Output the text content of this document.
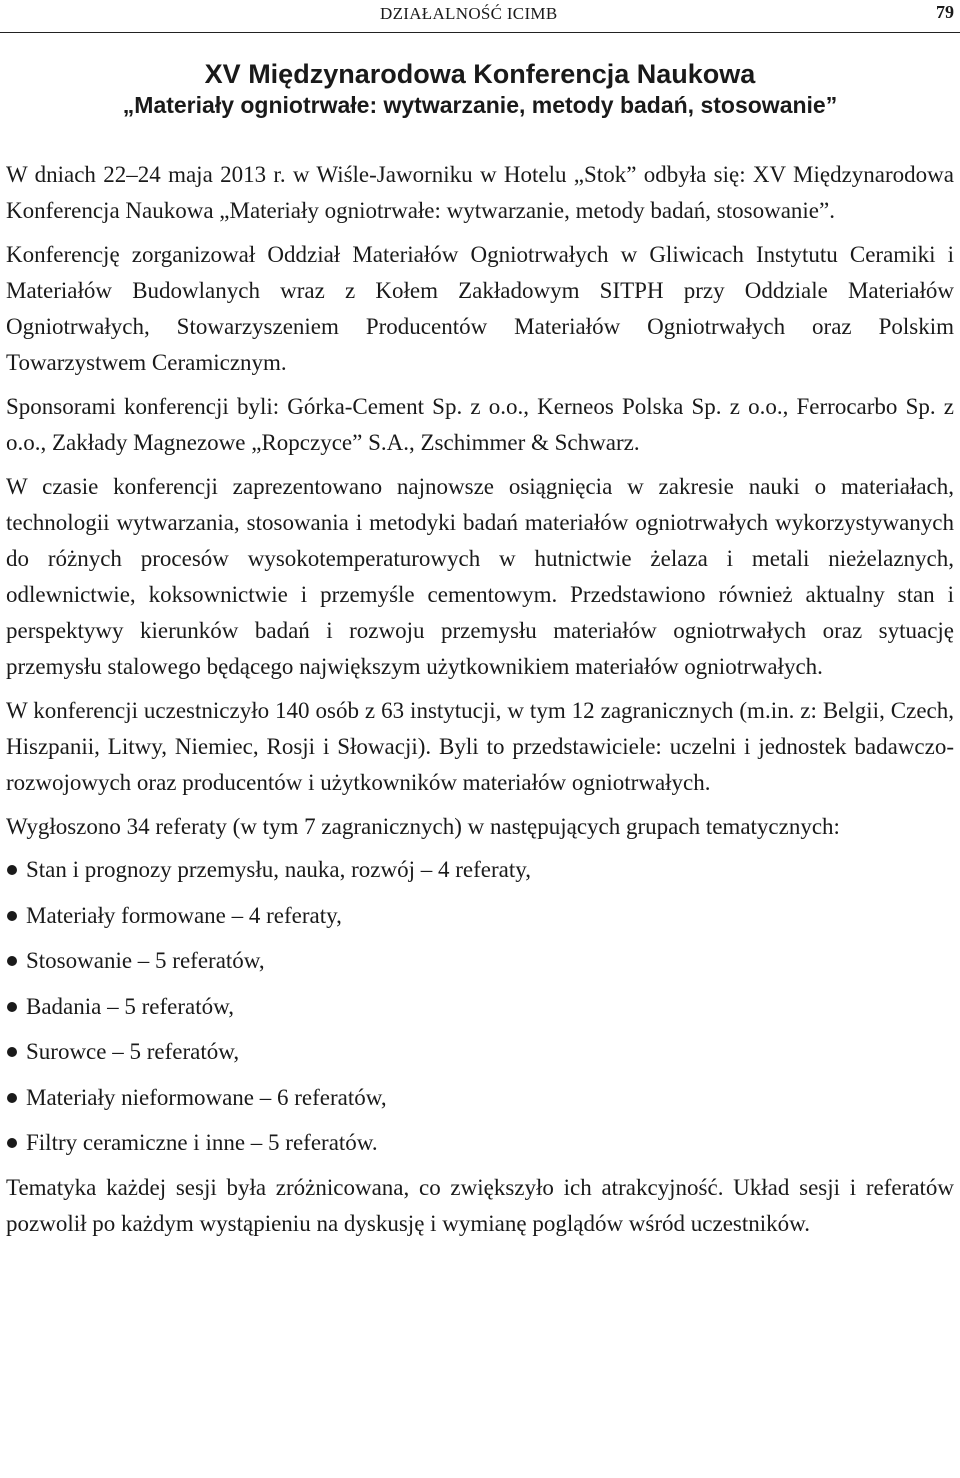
DZIAŁALNOŚĆ ICIMB	79
XV Międzynarodowa Konferencja Naukowa
„Materiały ogniotrwałe: wytwarzanie, metody badań, stosowanie”

W dniach 22–24 maja 2013 r. w Wiśle-Jaworniku w Hotelu „Stok” odbyła się: XV Międzynarodowa Konferencja Naukowa „Materiały ogniotrwałe: wytwarzanie, metody badań, stosowanie”.

Konferencję zorganizował Oddział Materiałów Ogniotrwałych w Gliwicach Instytutu Ceramiki i Materiałów Budowlanych wraz z Kołem Zakładowym SITPH przy Oddziale Materiałów Ogniotrwałych, Stowarzyszeniem Producentów Materiałów Ogniotrwałych oraz Polskim Towarzystwem Ceramicznym.

Sponsorami konferencji byli: Górka-Cement Sp. z o.o., Kerneos Polska Sp. z o.o., Ferrocarbo Sp. z o.o., Zakłady Magnezowe „Ropczyce” S.A., Zschimmer & Schwarz.

W czasie konferencji zaprezentowano najnowsze osiągnięcia w zakresie nauki o materiałach, technologii wytwarzania, stosowania i metodyki badań materiałów ogniotrwałych wykorzystywanych do różnych procesów wysokotemperaturowych w hutnictwie żelaza i metali nieżelaznych, odlewnictwie, koksownictwie i przemyśle cementowym. Przedstawiono również aktualny stan i perspektywy kierunków badań i rozwoju przemysłu materiałów ogniotrwałych oraz sytuację przemysłu stalowego będącego największym użytkownikiem materiałów ogniotrwałych.

W konferencji uczestniczyło 140 osób z 63 instytucji, w tym 12 zagranicznych (m.in. z: Belgii, Czech, Hiszpanii, Litwy, Niemiec, Rosji i Słowacji). Byli to przedstawiciele: uczelni i jednostek badawczo-rozwojowych oraz producentów i użytkowników materiałów ogniotrwałych.

Wygłoszono 34 referaty (w tym 7 zagranicznych) w następujących grupach tematycznych:

Stan i prognozy przemysłu, nauka, rozwój – 4 referaty,
Materiały formowane – 4 referaty,
Stosowanie – 5 referatów,
Badania – 5 referatów,
Surowce – 5 referatów,
Materiały nieformowane – 6 referatów,
Filtry ceramiczne i inne – 5 referatów.

Tematyka każdej sesji była zróżnicowana, co zwiększyło ich atrakcyjność. Układ sesji i referatów pozwolił po każdym wystąpieniu na dyskusję i wymianę poglądów wśród uczestników.
